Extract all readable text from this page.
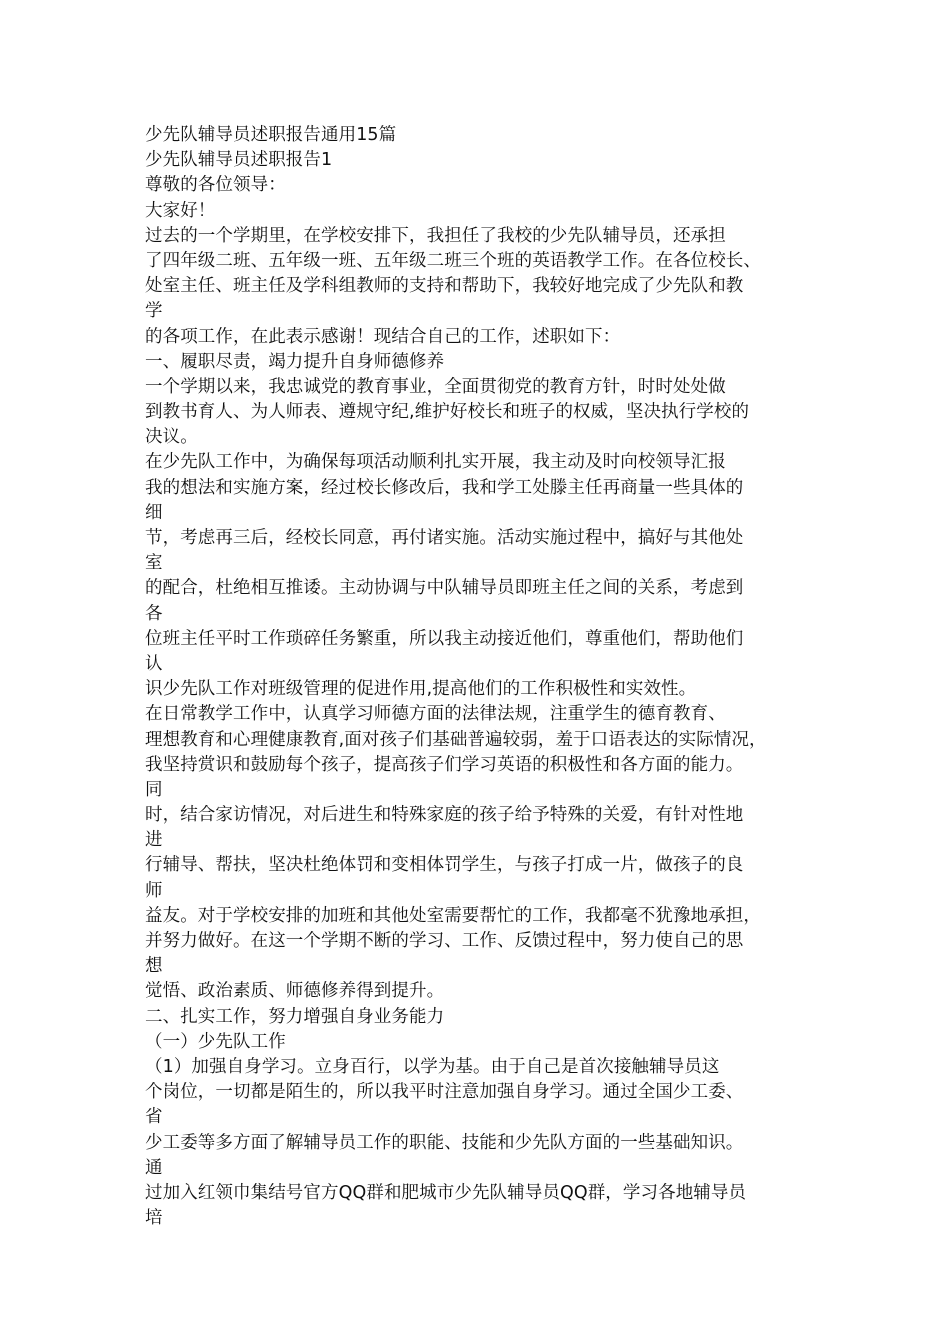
少先队辅导员述职报告通用15篇
少先队辅导员述职报告1
尊敬的各位领导：
大家好！
过去的一个学期里，在学校安排下，我担任了我校的少先队辅导员，还承担
了四年级二班、五年级一班、五年级二班三个班的英语教学工作。在各位校长、
处室主任、班主任及学科组教师的支持和帮助下，我较好地完成了少先队和教
学
的各项工作，在此表示感谢！现结合自己的工作，述职如下：
一、履职尽责，竭力提升自身师德修养
一个学期以来，我忠诚党的教育事业，全面贯彻党的教育方针，时时处处做
到教书育人、为人师表、遵规守纪,维护好校长和班子的权威，坚决执行学校的
决议。
在少先队工作中，为确保每项活动顺利扎实开展，我主动及时向校领导汇报
我的想法和实施方案，经过校长修改后，我和学工处滕主任再商量一些具体的
细
节，考虑再三后，经校长同意，再付诸实施。活动实施过程中，搞好与其他处
室
的配合，杜绝相互推诿。主动协调与中队辅导员即班主任之间的关系，考虑到
各
位班主任平时工作琐碎任务繁重，所以我主动接近他们，尊重他们，帮助他们
认
识少先队工作对班级管理的促进作用,提高他们的工作积极性和实效性。
在日常教学工作中，认真学习师德方面的法律法规，注重学生的德育教育、
理想教育和心理健康教育,面对孩子们基础普遍较弱，羞于口语表达的实际情况，
我坚持赏识和鼓励每个孩子，提高孩子们学习英语的积极性和各方面的能力。
同
时，结合家访情况，对后进生和特殊家庭的孩子给予特殊的关爱，有针对性地
进
行辅导、帮扶，坚决杜绝体罚和变相体罚学生，与孩子打成一片，做孩子的良
师
益友。对于学校安排的加班和其他处室需要帮忙的工作，我都毫不犹豫地承担，
并努力做好。在这一个学期不断的学习、工作、反馈过程中，努力使自己的思
想
觉悟、政治素质、师德修养得到提升。
二、扎实工作，努力增强自身业务能力
（一）少先队工作
（1）加强自身学习。立身百行，以学为基。由于自己是首次接触辅导员这
个岗位，一切都是陌生的，所以我平时注意加强自身学习。通过全国少工委、
省
少工委等多方面了解辅导员工作的职能、技能和少先队方面的一些基础知识。
通
过加入红领巾集结号官方QQ群和肥城市少先队辅导员QQ群，学习各地辅导员
培
